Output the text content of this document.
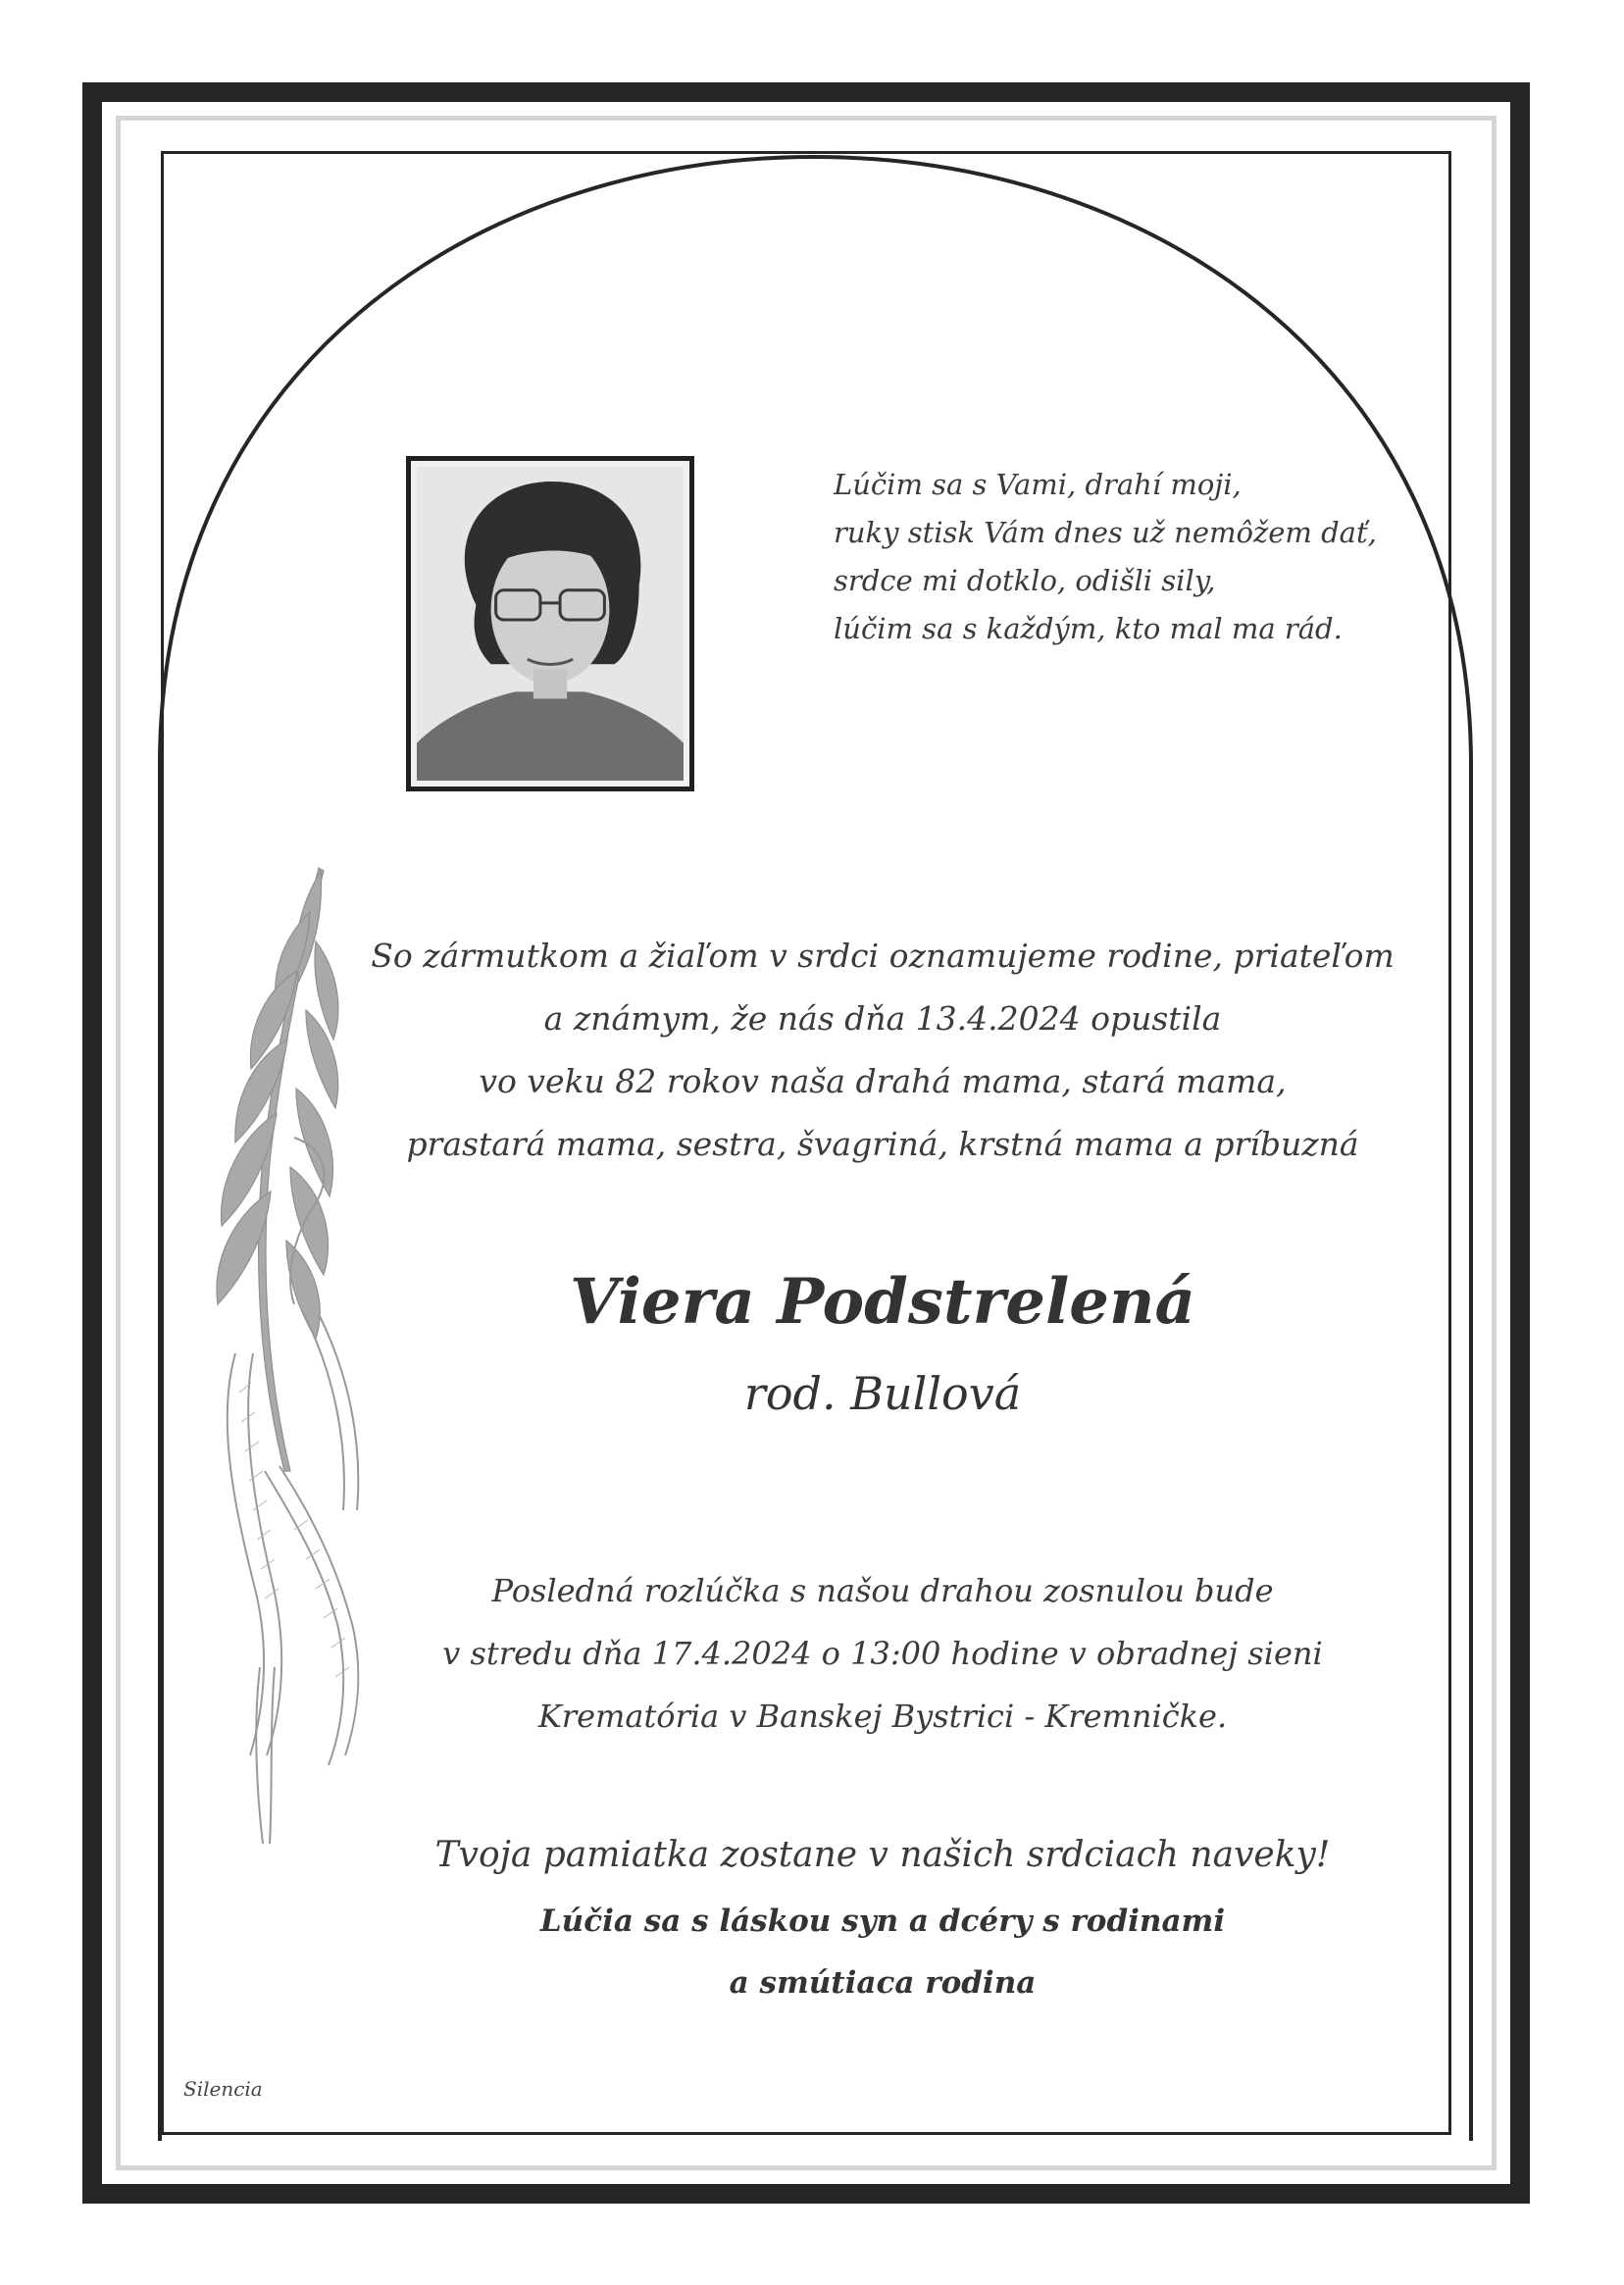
Lúčim sa s Vami, drahí moji,

ruky stisk Vám dnes už nemôžem dať,

srdce mi dotklo, odišli sily,

lúčim sa s každým, kto mal ma rád.

So zármutkom a žiaľom v srdci oznamujeme rodine, priateľom

a známym, že nás dňa 13.4.2024 opustila

vo veku 82 rokov naša drahá mama, stará mama,

prastará mama, sestra, švagriná, krstná mama a príbuzná

Viera Podstrelená

rod. Bullová

Posledná rozlúčka s našou drahou zosnulou bude

v stredu dňa 17.4.2024 o 13:00 hodine v obradnej sieni

Krematória v Banskej Bystrici - Kremničke.

Tvoja pamiatka zostane v našich srdciach naveky!

Lúčia sa s láskou syn a dcéry s rodinami

a smútiaca rodina

Silencia
